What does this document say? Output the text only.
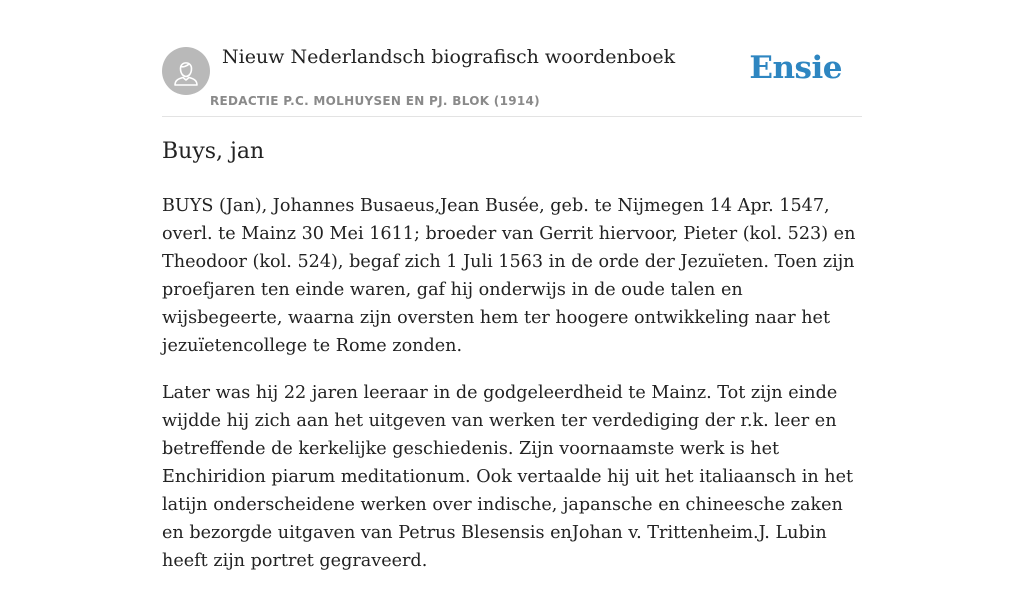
Nieuw Nederlandsch biografisch woordenboek
REDACTIE P.C. MOLHUYSEN EN PJ. BLOK (1914)
Ensie
Buys, jan

BUYS (Jan), Johannes Busaeus,Jean Busée, geb. te Nijmegen 14 Apr. 1547, overl. te Mainz 30 Mei 1611; broeder van Gerrit hiervoor, Pieter (kol. 523) en Theodoor (kol. 524), begaf zich 1 Juli 1563 in de orde der Jezuïeten. Toen zijn proefjaren ten einde waren, gaf hij onderwijs in de oude talen en wijsbegeerte, waarna zijn oversten hem ter hoogere ontwikkeling naar het jezuïetencollege te Rome zonden.

Later was hij 22 jaren leeraar in de godgeleerdheid te Mainz. Tot zijn einde wijdde hij zich aan het uitgeven van werken ter verdediging der r.k. leer en betreffende de kerkelijke geschiedenis. Zijn voornaamste werk is het Enchiridion piarum meditationum. Ook vertaalde hij uit het italiaansch in het latijn onderscheidene werken over indische, japansche en chineesche zaken en bezorgde uitgaven van Petrus Blesensis enJohan v. Trittenheim.J. Lubin heeft zijn portret gegraveerd.
